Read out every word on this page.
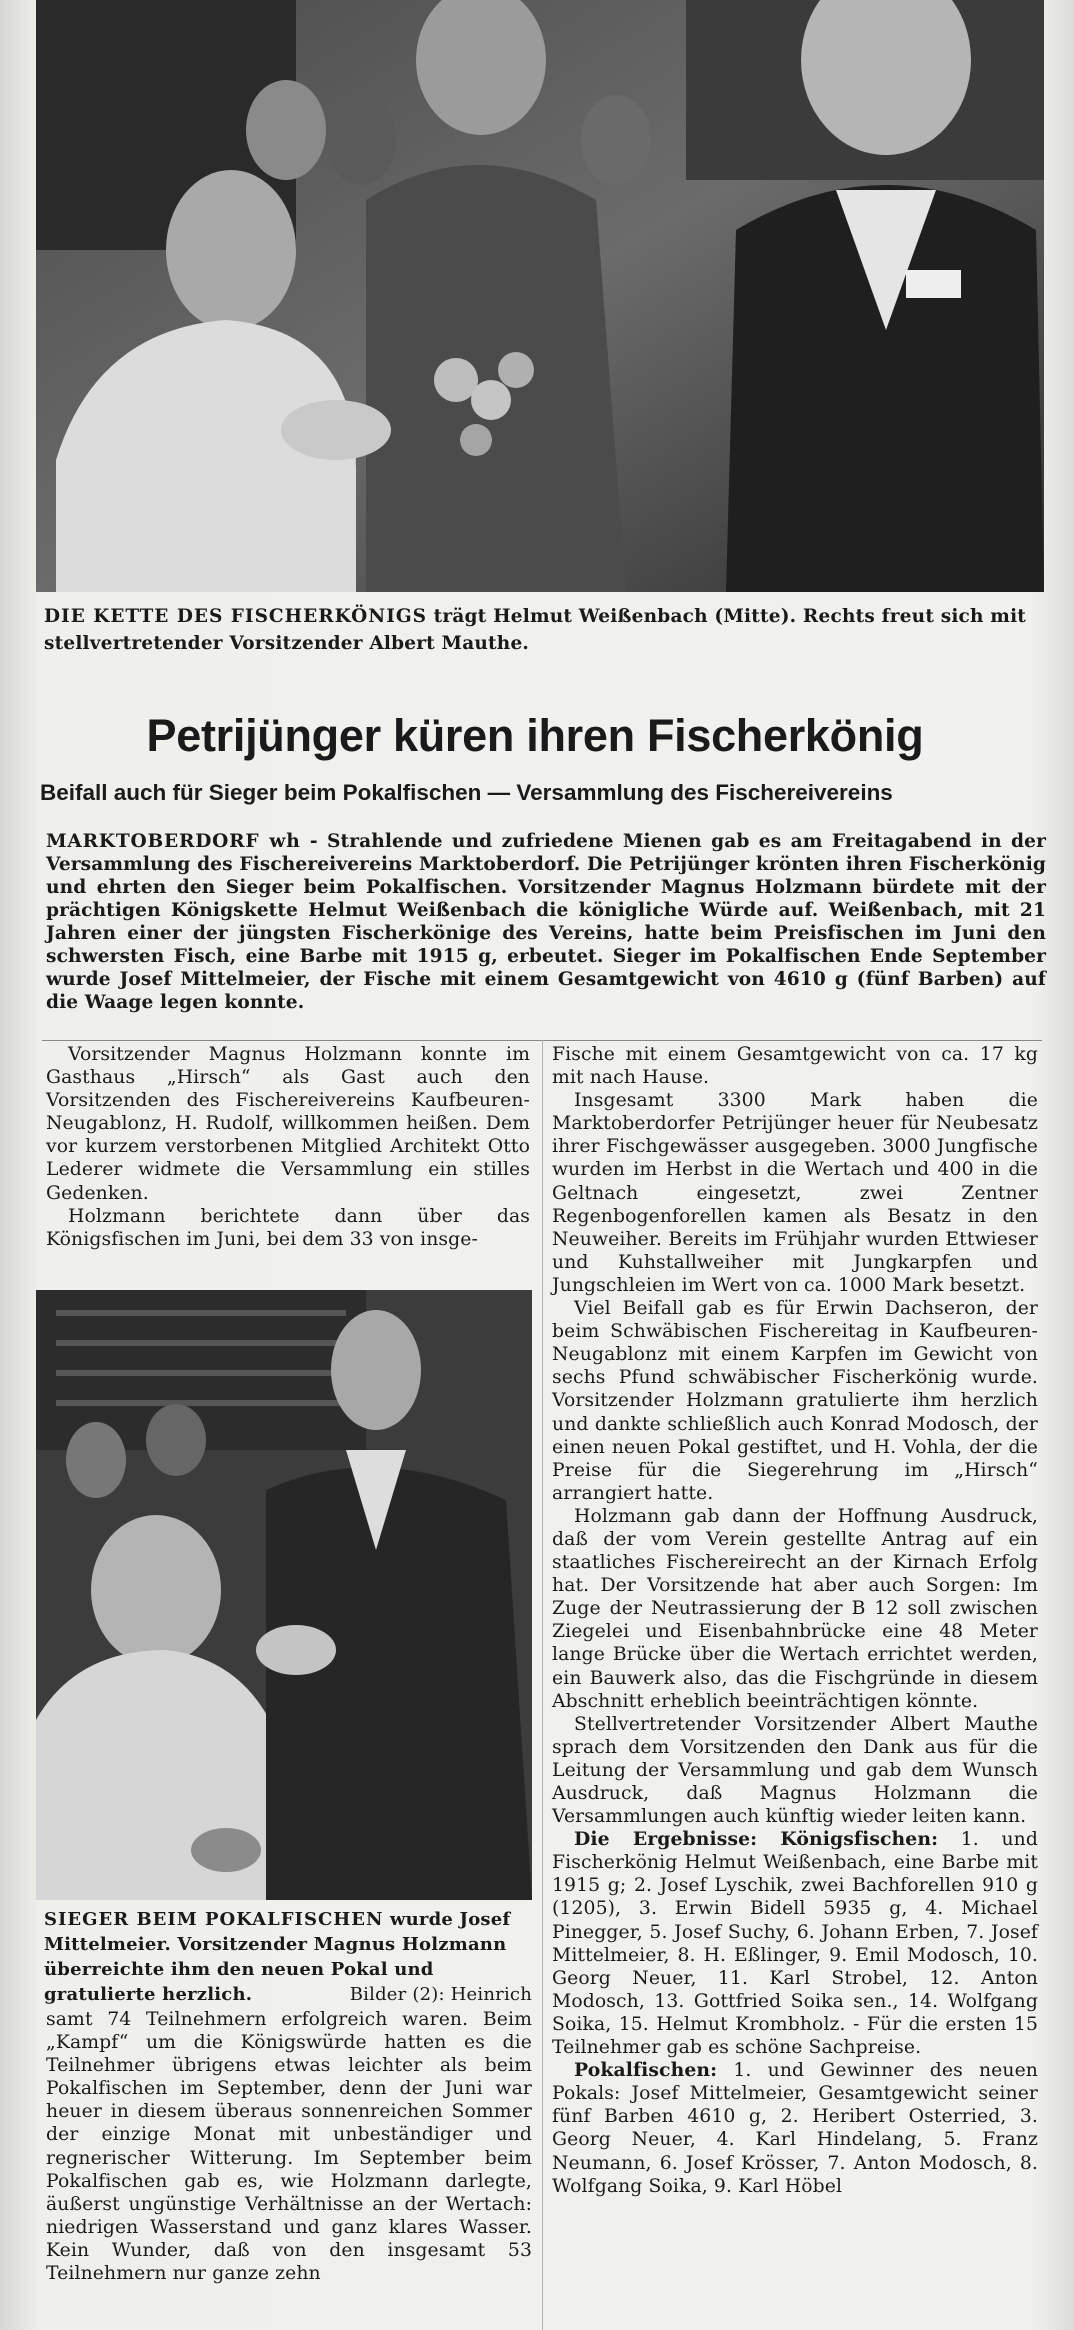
DIE KETTE DES FISCHERKÖNIGS trägt Helmut Weißenbach (Mitte). Rechts freut sich mit stellvertretender Vorsitzender Albert Mauthe.
Petrijünger küren ihren Fischerkönig
Beifall auch für Sieger beim Pokalfischen — Versammlung des Fischereivereins
MARKTOBERDORF wh - Strahlende und zufriedene Mienen gab es am Freitagabend in der Versammlung des Fischereivereins Marktoberdorf. Die Petrijünger krönten ihren Fischerkönig und ehrten den Sieger beim Pokalfischen. Vorsitzender Magnus Holzmann bürdete mit der prächtigen Königskette Helmut Weißenbach die königliche Würde auf. Weißenbach, mit 21 Jahren einer der jüngsten Fischerkönige des Vereins, hatte beim Preisfischen im Juni den schwersten Fisch, eine Barbe mit 1915 g, erbeutet. Sieger im Pokalfischen Ende September wurde Josef Mittelmeier, der Fische mit einem Gesamtgewicht von 4610 g (fünf Barben) auf die Waage legen konnte.

Vorsitzender Magnus Holzmann konnte im Gasthaus „Hirsch“ als Gast auch den Vorsitzenden des Fischereivereins Kaufbeuren-Neugablonz, H. Rudolf, willkommen heißen. Dem vor kurzem verstorbenen Mitglied Architekt Otto Lederer widmete die Versammlung ein stilles Gedenken.

Holzmann berichtete dann über das Königsfischen im Juni, bei dem 33 von insge-

SIEGER BEIM POKALFISCHEN wurde Josef Mittelmeier. Vorsitzender Magnus Holzmann überreichte ihm den neuen Pokal und gratulierte herzlich.	Bilder (2): Heinrich

samt 74 Teilnehmern erfolgreich waren. Beim „Kampf“ um die Königswürde hatten es die Teilnehmer übrigens etwas leichter als beim Pokalfischen im September, denn der Juni war heuer in diesem überaus sonnenreichen Sommer der einzige Monat mit unbeständiger und regnerischer Witterung. Im September beim Pokalfischen gab es, wie Holzmann darlegte, äußerst ungünstige Verhältnisse an der Wertach: niedrigen Wasserstand und ganz klares Wasser. Kein Wunder, daß von den insgesamt 53 Teilnehmern nur ganze zehn

Fische mit einem Gesamtgewicht von ca. 17 kg mit nach Hause.

Insgesamt 3300 Mark haben die Marktoberdorfer Petrijünger heuer für Neubesatz ihrer Fischgewässer ausgegeben. 3000 Jungfische wurden im Herbst in die Wertach und 400 in die Geltnach eingesetzt, zwei Zentner Regenbogenforellen kamen als Besatz in den Neuweiher. Bereits im Frühjahr wurden Ettwieser und Kuhstallweiher mit Jungkarpfen und Jungschleien im Wert von ca. 1000 Mark besetzt.

Viel Beifall gab es für Erwin Dachseron, der beim Schwäbischen Fischereitag in Kaufbeuren-Neugablonz mit einem Karpfen im Gewicht von sechs Pfund schwäbischer Fischerkönig wurde. Vorsitzender Holzmann gratulierte ihm herzlich und dankte schließlich auch Konrad Modosch, der einen neuen Pokal gestiftet, und H. Vohla, der die Preise für die Siegerehrung im „Hirsch“ arrangiert hatte.

Holzmann gab dann der Hoffnung Ausdruck, daß der vom Verein gestellte Antrag auf ein staatliches Fischereirecht an der Kirnach Erfolg hat. Der Vorsitzende hat aber auch Sorgen: Im Zuge der Neutrassierung der B 12 soll zwischen Ziegelei und Eisenbahnbrücke eine 48 Meter lange Brücke über die Wertach errichtet werden, ein Bauwerk also, das die Fischgründe in diesem Abschnitt erheblich beeinträchtigen könnte.

Stellvertretender Vorsitzender Albert Mauthe sprach dem Vorsitzenden den Dank aus für die Leitung der Versammlung und gab dem Wunsch Ausdruck, daß Magnus Holzmann die Versammlungen auch künftig wieder leiten kann.

Die Ergebnisse: Königsfischen: 1. und Fischerkönig Helmut Weißenbach, eine Barbe mit 1915 g; 2. Josef Lyschik, zwei Bachforellen 910 g (1205), 3. Erwin Bidell 5935 g, 4. Michael Pinegger, 5. Josef Suchy, 6. Johann Erben, 7. Josef Mittelmeier, 8. H. Eßlinger, 9. Emil Modosch, 10. Georg Neuer, 11. Karl Strobel, 12. Anton Modosch, 13. Gottfried Soika sen., 14. Wolfgang Soika, 15. Helmut Krombholz. - Für die ersten 15 Teilnehmer gab es schöne Sachpreise.

Pokalfischen: 1. und Gewinner des neuen Pokals: Josef Mittelmeier, Gesamtgewicht seiner fünf Barben 4610 g, 2. Heribert Osterried, 3. Georg Neuer, 4. Karl Hindelang, 5. Franz Neumann, 6. Josef Krösser, 7. Anton Modosch, 8. Wolfgang Soika, 9. Karl Höbel
